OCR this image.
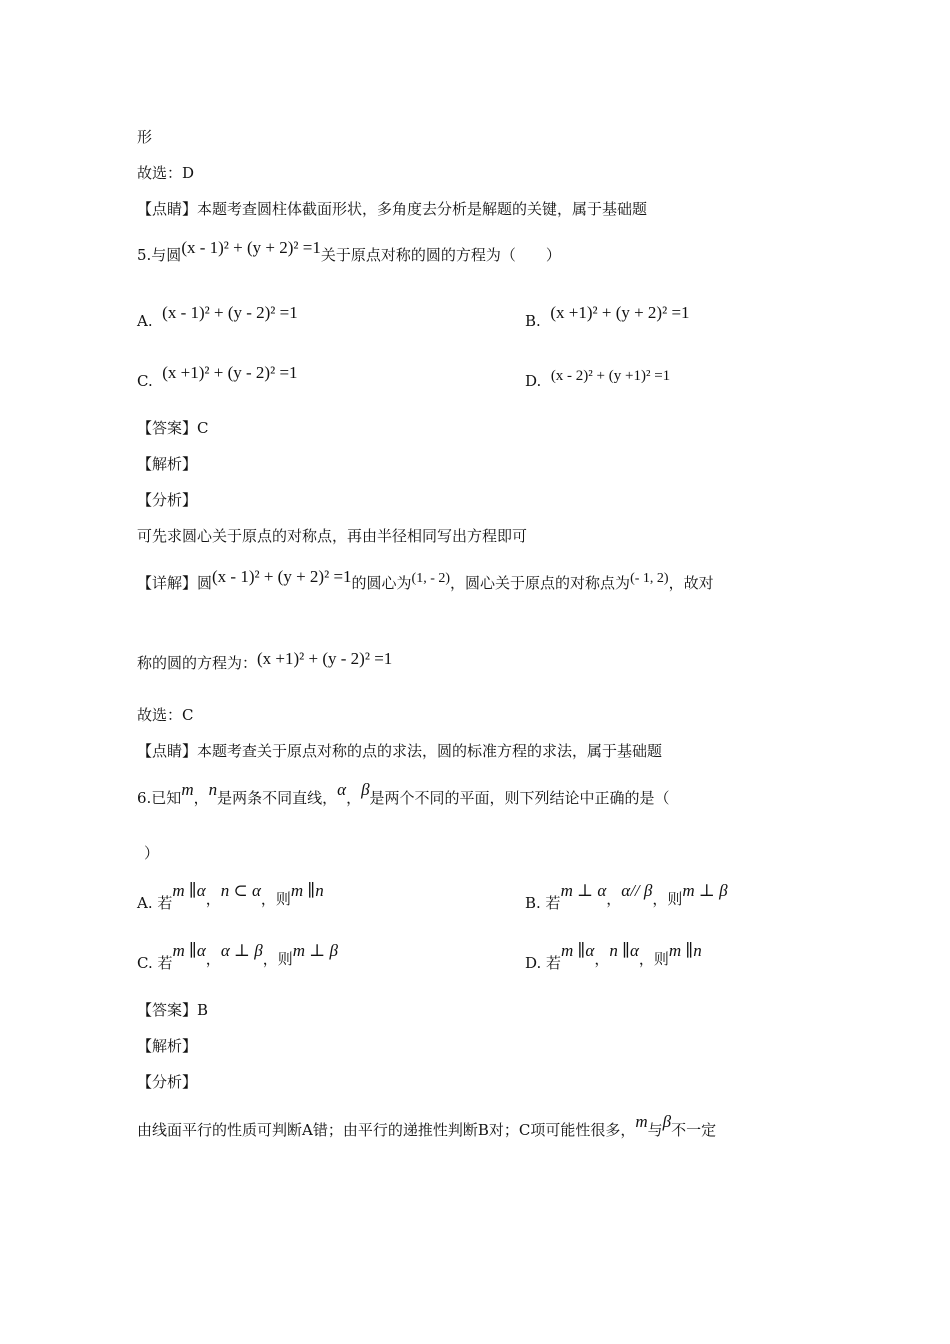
形
故选：D
【点睛】本题考查圆柱体截面形状，多角度去分析是解题的关键，属于基础题
5.与圆(x - 1)² + (y + 2)² =1关于原点对称的圆的方程为（　　）
A. (x - 1)² + (y - 2)² =1	B. (x +1)² + (y + 2)² =1
C. (x +1)² + (y - 2)² =1	D. (x - 2)² + (y +1)² =1
【答案】C
【解析】
【分析】
可先求圆心关于原点的对称点，再由半径相同写出方程即可
【详解】圆(x - 1)² + (y + 2)² =1的圆心为(1, - 2)，圆心关于原点的对称点为(- 1, 2)，故对
称的圆的方程为：(x +1)² + (y - 2)² =1
故选：C
【点睛】本题考查关于原点对称的点的求法，圆的标准方程的求法，属于基础题
6.已知m，n是两条不同直线，α，β是两个不同的平面，则下列结论中正确的是（
）
A. 若m ∥α，n ⊂ α，则m ∥n
B. 若m ⊥ α，α// β，则m ⊥ β
C. 若m ∥α，α ⊥ β，则m ⊥ β
D. 若m ∥α，n ∥α，则m ∥n
【答案】B
【解析】
【分析】
由线面平行的性质可判断A错；由平行的递推性判断B对；C项可能性很多，m与β不一定
